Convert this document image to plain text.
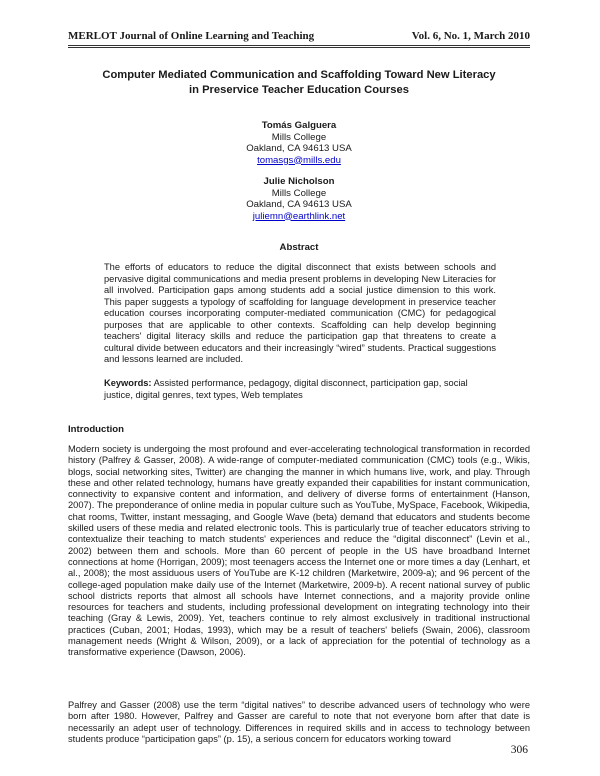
MERLOT Journal of Online Learning and Teaching	Vol. 6, No. 1, March 2010
Computer Mediated Communication and Scaffolding Toward New Literacy
in Preservice Teacher Education Courses
Tomás Galguera
Mills College
Oakland, CA 94613 USA
tomasgs@mills.edu
Julie Nicholson
Mills College
Oakland, CA 94613 USA
juliemn@earthlink.net
Abstract

The efforts of educators to reduce the digital disconnect that exists between schools and pervasive digital communications and media present problems in developing New Literacies for all involved. Participation gaps among students add a social justice dimension to this work. This paper suggests a typology of scaffolding for language development in preservice teacher education courses incorporating computer-mediated communication (CMC) for pedagogical purposes that are applicable to other contexts. Scaffolding can help develop beginning teachers' digital literacy skills and reduce the participation gap that threatens to create a cultural divide between educators and their increasingly “wired” students. Practical suggestions and lessons learned are included.

Keywords: Assisted performance, pedagogy, digital disconnect, participation gap, social justice, digital genres, text types, Web templates

Introduction

Modern society is undergoing the most profound and ever-accelerating technological transformation in recorded history (Palfrey & Gasser, 2008). A wide-range of computer-mediated communication (CMC) tools (e.g., Wikis, blogs, social networking sites, Twitter) are changing the manner in which humans live, work, and play. Through these and other related technology, humans have greatly expanded their capabilities for instant communication, connectivity to expansive content and information, and delivery of diverse forms of entertainment (Hanson, 2007). The preponderance of online media in popular culture such as YouTube, MySpace, Facebook, Wikipedia, chat rooms, Twitter, instant messaging, and Google Wave (beta) demand that educators and students become skilled users of these media and related electronic tools. This is particularly true of teacher educators striving to contextualize their teaching to match students' experiences and reduce the “digital disconnect” (Levin et al., 2002) between them and schools. More than 60 percent of people in the US have broadband Internet connections at home (Horrigan, 2009); most teenagers access the Internet one or more times a day (Lenhart, et al., 2008); the most assiduous users of YouTube are K-12 children (Marketwire, 2009-a); and 96 percent of the college-aged population make daily use of the Internet (Marketwire, 2009-b). A recent national survey of public school districts reports that almost all schools have Internet connections, and a majority provide online resources for teachers and students, including professional development on integrating technology into their teaching (Gray & Lewis, 2009). Yet, teachers continue to rely almost exclusively in traditional instructional practices (Cuban, 2001; Hodas, 1993), which may be a result of teachers' beliefs (Swain, 2006), classroom management needs (Wright & Wilson, 2009), or a lack of appreciation for the potential of technology as a transformative experience (Dawson, 2006).

Palfrey and Gasser (2008) use the term “digital natives” to describe advanced users of technology who were born after 1980. However, Palfrey and Gasser are careful to note that not everyone born after that date is necessarily an adept user of technology. Differences in required skills and in access to technology between students produce “participation gaps” (p. 15), a serious concern for educators working toward

306
